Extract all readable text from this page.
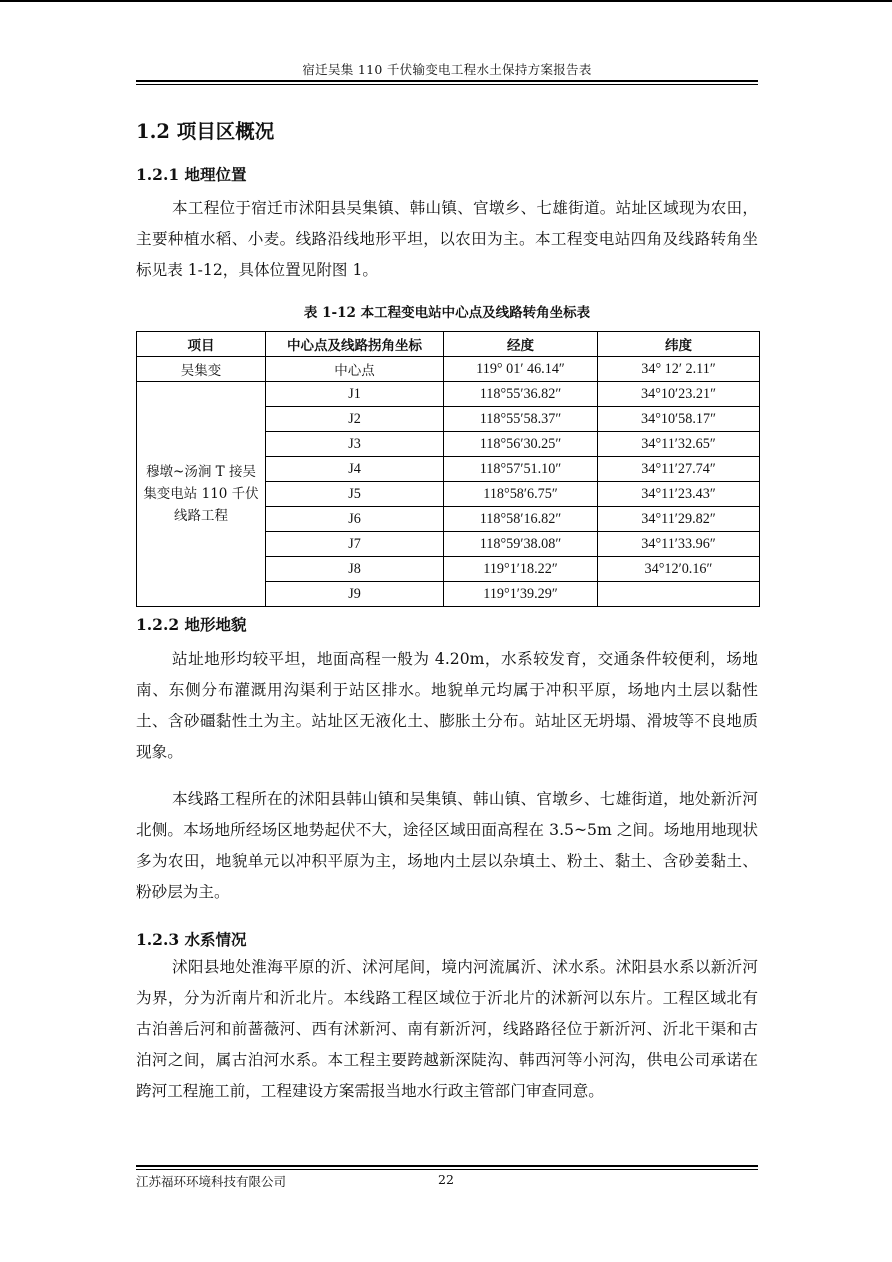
宿迁吴集 110 千伏输变电工程水土保持方案报告表
1.2 项目区概况
1.2.1 地理位置

本工程位于宿迁市沭阳县吴集镇、韩山镇、官墩乡、七雄街道。站址区域现为农田，主要种植水稻、小麦。线路沿线地形平坦，以农田为主。本工程变电站四角及线路转角坐标见表 1-12，具体位置见附图 1。

表 1-12 本工程变电站中心点及线路转角坐标表
项目	中心点及线路拐角坐标	经度	纬度
吴集变	中心点	119° 01′ 46.14″	34° 12′ 2.11″
穆墩~汤涧 T 接吴集变电站 110 千伏线路工程	J1	118°55′36.82″	34°10′23.21″
	J2	118°55′58.37″	34°10′58.17″
	J3	118°56′30.25″	34°11′32.65″
	J4	118°57′51.10″	34°11′27.74″
	J5	118°58′6.75″	34°11′23.43″
	J6	118°58′16.82″	34°11′29.82″
	J7	118°59′38.08″	34°11′33.96″
	J8	119°1′18.22″	34°12′0.16″
	J9	119°1′39.29″	
1.2.2 地形地貌

站址地形均较平坦，地面高程一般为 4.20m，水系较发育，交通条件较便利，场地南、东侧分布灌溉用沟渠利于站区排水。地貌单元均属于冲积平原，场地内土层以黏性土、含砂礓黏性土为主。站址区无液化土、膨胀土分布。站址区无坍塌、滑坡等不良地质现象。

本线路工程所在的沭阳县韩山镇和吴集镇、韩山镇、官墩乡、七雄街道，地处新沂河北侧。本场地所经场区地势起伏不大，途径区域田面高程在 3.5~5m 之间。场地用地现状多为农田，地貌单元以冲积平原为主，场地内土层以杂填土、粉土、黏土、含砂姜黏土、粉砂层为主。

1.2.3 水系情况

沭阳县地处淮海平原的沂、沭河尾间，境内河流属沂、沭水系。沭阳县水系以新沂河为界，分为沂南片和沂北片。本线路工程区域位于沂北片的沭新河以东片。工程区域北有古泊善后河和前蔷薇河、西有沭新河、南有新沂河，线路路径位于新沂河、沂北干渠和古泊河之间，属古泊河水系。本工程主要跨越新深陡沟、韩西河等小河沟，供电公司承诺在跨河工程施工前，工程建设方案需报当地水行政主管部门审查同意。

江苏福环环境科技有限公司	22
